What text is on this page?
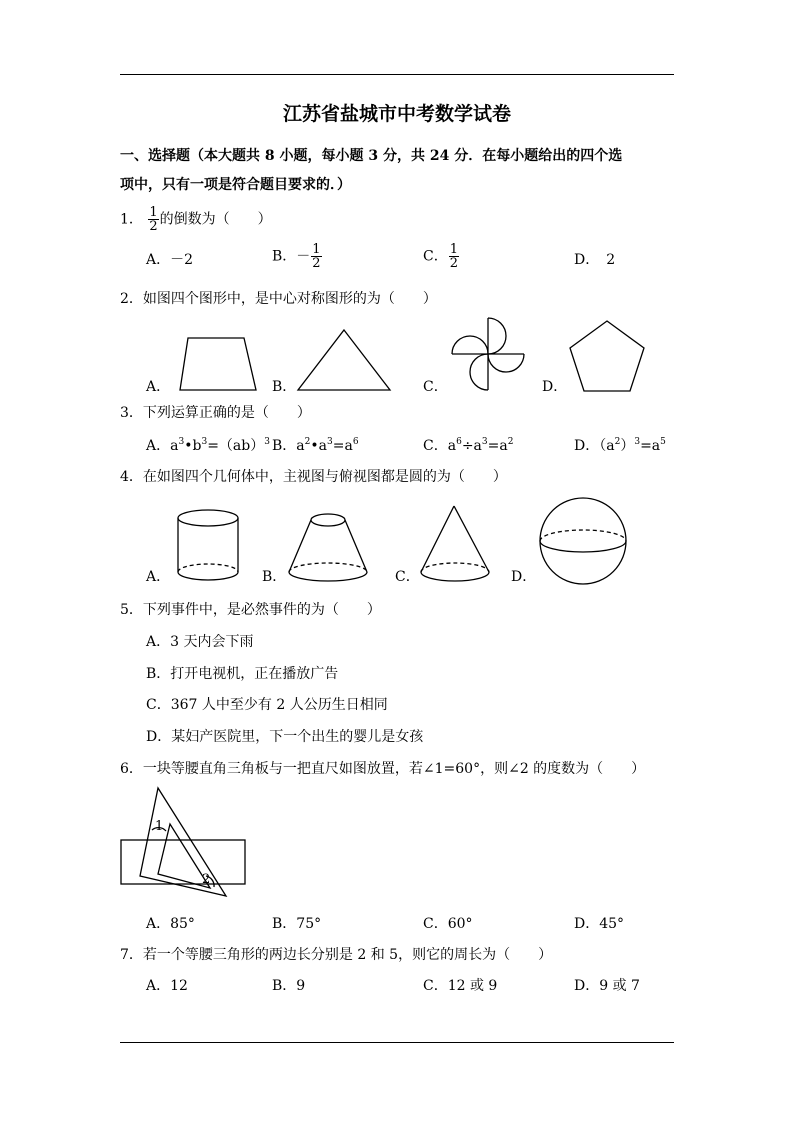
江苏省盐城市中考数学试卷
一、选择题（本大题共 8 小题，每小题 3 分，共 24 分．在每小题给出的四个选
项中，只有一项是符合题目要求的．）
1． $\frac{1}{2}$ 的倒数为（　　）
A．－2	B．－ $\frac{1}{2}$	C． $\frac{1}{2}$	D．　2
2．如图四个图形中，是中心对称图形的为（　　）
A．	B．	C．	D．
3．下列运算正确的是（　　）
A．$a^3•b^3=(ab)^3$ B．$a^2•a^3=a^6$	C．$a^6\div a^3=a^2$	D．$(a^2)^3=a^5$
4．在如图四个几何体中，主视图与俯视图都是圆的为（　　）
A．	B．	C．	D．
5．下列事件中，是必然事件的为（　　）
A．3 天内会下雨
B．打开电视机，正在播放广告
C．367 人中至少有 2 人公历生日相同
D．某妇产医院里，下一个出生的婴儿是女孩
6．一块等腰直角三角板与一把直尺如图放置，若∠1=60°，则∠2 的度数为（　　）
1
2
A．85°	B．75°	C．60°	D．45°
7．若一个等腰三角形的两边长分别是 2 和 5，则它的周长为（　　）
A．12	B．9	C．12 或 9	D．9 或 7
